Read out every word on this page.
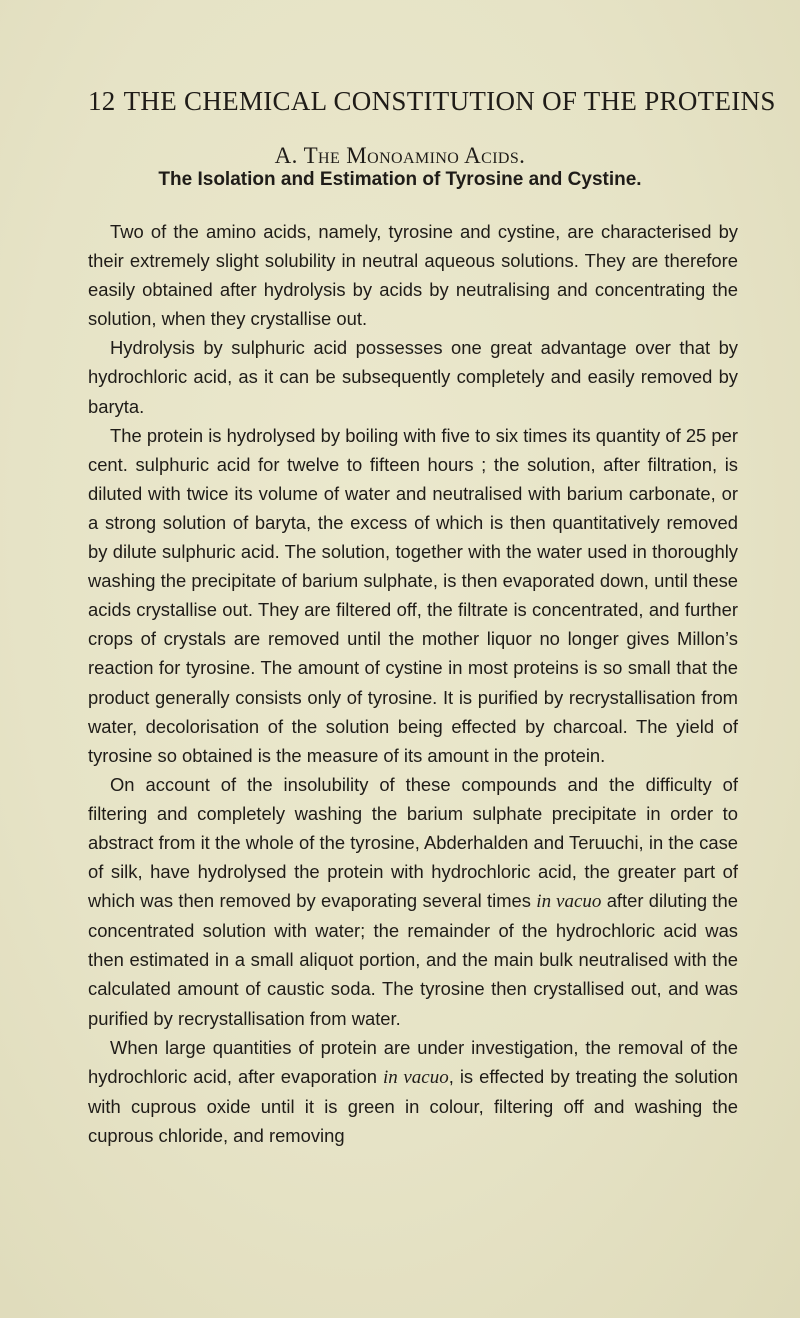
12 THE CHEMICAL CONSTITUTION OF THE PROTEINS
A. The Monoamino Acids.
The Isolation and Estimation of Tyrosine and Cystine.

Two of the amino acids, namely, tyrosine and cystine, are characterised by their extremely slight solubility in neutral aqueous solutions. They are therefore easily obtained after hydrolysis by acids by neutralising and concentrating the solution, when they crystallise out.

Hydrolysis by sulphuric acid possesses one great advantage over that by hydrochloric acid, as it can be subsequently completely and easily removed by baryta.

The protein is hydrolysed by boiling with five to six times its quantity of 25 per cent. sulphuric acid for twelve to fifteen hours ; the solution, after filtration, is diluted with twice its volume of water and neutralised with barium carbonate, or a strong solution of baryta, the excess of which is then quantitatively removed by dilute sulphuric acid. The solution, together with the water used in thoroughly washing the precipitate of barium sulphate, is then evaporated down, until these acids crystallise out. They are filtered off, the filtrate is concentrated, and further crops of crystals are removed until the mother liquor no longer gives Millon’s reaction for tyrosine. The amount of cystine in most proteins is so small that the product generally consists only of tyrosine. It is purified by recrystallisation from water, decolorisation of the solution being effected by charcoal. The yield of tyrosine so obtained is the measure of its amount in the protein.

On account of the insolubility of these compounds and the difficulty of filtering and completely washing the barium sulphate precipitate in order to abstract from it the whole of the tyrosine, Abderhalden and Teruuchi, in the case of silk, have hydrolysed the protein with hydrochloric acid, the greater part of which was then removed by evaporating several times in vacuo after diluting the concentrated solution with water; the remainder of the hydrochloric acid was then estimated in a small aliquot portion, and the main bulk neutralised with the calculated amount of caustic soda. The tyrosine then crystallised out, and was purified by recrystallisation from water.

When large quantities of protein are under investigation, the removal of the hydrochloric acid, after evaporation in vacuo, is effected by treating the solution with cuprous oxide until it is green in colour, filtering off and washing the cuprous chloride, and removing
